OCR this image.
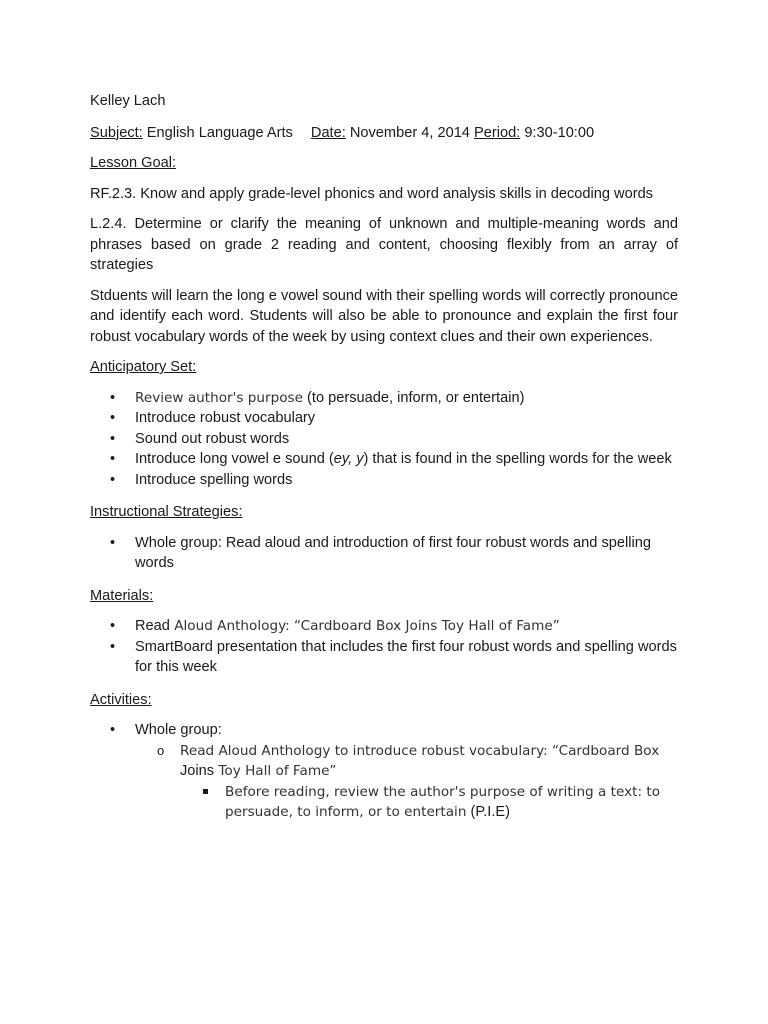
Kelley Lach

Subject: English Language Arts Date: November 4, 2014 Period: 9:30-10:00

Lesson Goal:

RF.2.3. Know and apply grade-level phonics and word analysis skills in decoding words

L.2.4. Determine or clarify the meaning of unknown and multiple-meaning words and phrases based on grade 2 reading and content, choosing flexibly from an array of strategies

Stduents will learn the long e vowel sound with their spelling words will correctly pronounce and identify each word. Students will also be able to pronounce and explain the first four robust vocabulary words of the week by using context clues and their own experiences.

Anticipatory Set:

• Review author's purpose (to persuade, inform, or entertain)
• Introduce robust vocabulary
• Sound out robust words
• Introduce long vowel e sound (ey, y) that is found in the spelling words for the week
• Introduce spelling words

Instructional Strategies:

• Whole group: Read aloud and introduction of first four robust words and spelling words

Materials:

• Read Aloud Anthology: “Cardboard Box Joins Toy Hall of Fame”
• SmartBoard presentation that includes the first four robust words and spelling words for this week

Activities:

• Whole group:
o Read Aloud Anthology to introduce robust vocabulary: “Cardboard Box Joins Toy Hall of Fame”
Before reading, review the author's purpose of writing a text: to persuade, to inform, or to entertain (P.I.E)
